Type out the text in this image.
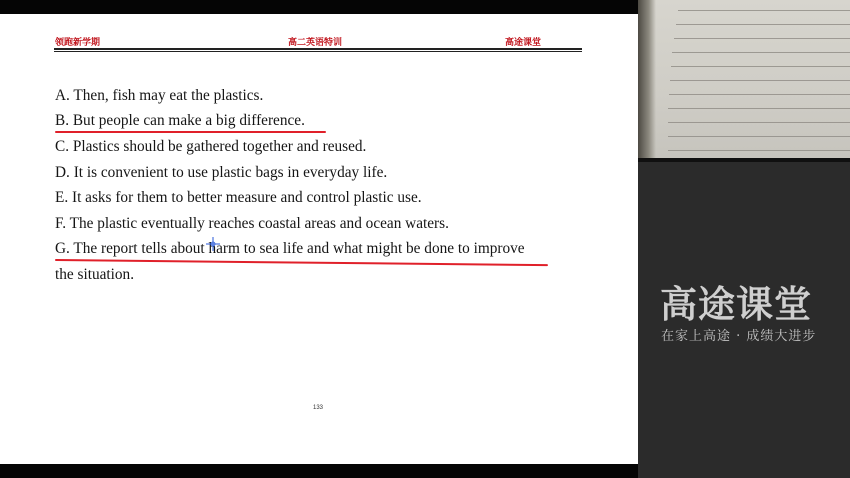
领跑新学期	高二英语特训	高途课堂
A. Then, fish may eat the plastics.
B. But people can make a big difference.
C. Plastics should be gathered together and reused.
D. It is convenient to use plastic bags in everyday life.
E. It asks for them to better measure and control plastic use.
F. The plastic eventually reaches coastal areas and ocean waters.
G. The report tells about harm to sea life and what might be done to improve
the situation.
133
高途课堂
在家上高途 · 成绩大进步
